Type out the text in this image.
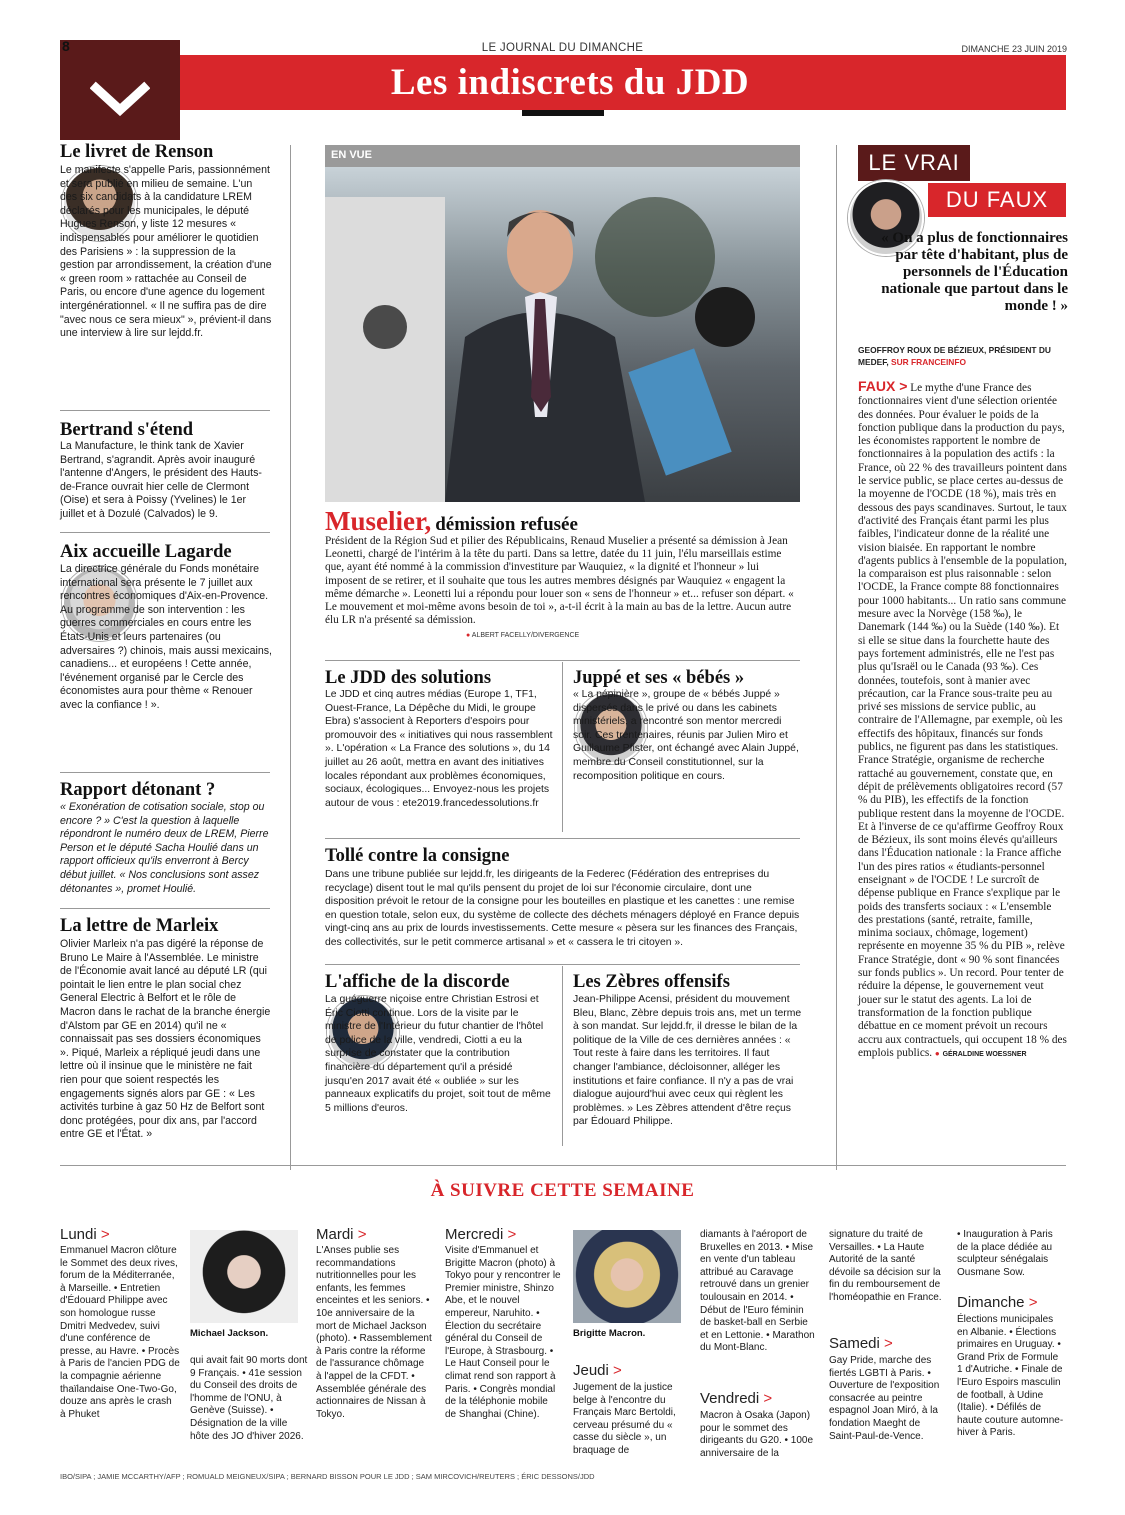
8	LE JOURNAL DU DIMANCHE	DIMANCHE 23 JUIN 2019
Les indiscrets du JDD
Le livret de Renson
Le manifeste s'appelle Paris, passionnément et sera publié en milieu de semaine. L'un des six candidats à la candidature LREM déclarés pour les municipales, le député Hugues Renson, y liste 12 mesures « indispensables pour améliorer le quotidien des Parisiens » : la suppression de la gestion par arrondissement, la création d'une « green room » rattachée au Conseil de Paris, ou encore d'une agence du logement intergénérationnel. « Il ne suffira pas de dire "avec nous ce sera mieux" », prévient-il dans une interview à lire sur lejdd.fr.
Bertrand s'étend
La Manufacture, le think tank de Xavier Bertrand, s'agrandit. Après avoir inauguré l'antenne d'Angers, le président des Hauts-de-France ouvrait hier celle de Clermont (Oise) et sera à Poissy (Yvelines) le 1er juillet et à Dozulé (Calvados) le 9.
Aix accueille Lagarde
La directrice générale du Fonds monétaire international sera présente le 7 juillet aux rencontres économiques d'Aix-en-Provence. Au programme de son intervention : les guerres commerciales en cours entre les États-Unis et leurs partenaires (ou adversaires ?) chinois, mais aussi mexicains, canadiens... et européens ! Cette année, l'événement organisé par le Cercle des économistes aura pour thème « Renouer avec la confiance ! ».
Rapport détonant ?
« Exonération de cotisation sociale, stop ou encore ? » C'est la question à laquelle répondront le numéro deux de LREM, Pierre Person et le député Sacha Houlié dans un rapport officieux qu'ils enverront à Bercy début juillet. « Nos conclusions sont assez détonantes », promet Houlié.
La lettre de Marleix
Olivier Marleix n'a pas digéré la réponse de Bruno Le Maire à l'Assemblée. Le ministre de l'Économie avait lancé au député LR (qui pointait le lien entre le plan social chez General Electric à Belfort et le rôle de Macron dans le rachat de la branche énergie d'Alstom par GE en 2014) qu'il ne « connaissait pas ses dossiers économiques ». Piqué, Marleix a répliqué jeudi dans une lettre où il insinue que le ministère ne fait rien pour que soient respectés les engagements signés alors par GE : « Les activités turbine à gaz 50 Hz de Belfort sont donc protégées, pour dix ans, par l'accord entre GE et l'État. »
EN VUE
Muselier, démission refusée
Président de la Région Sud et pilier des Républicains, Renaud Muselier a présenté sa démission à Jean Leonetti, chargé de l'intérim à la tête du parti. Dans sa lettre, datée du 11 juin, l'élu marseillais estime que, ayant été nommé à la commission d'investiture par Wauquiez, « la dignité et l'honneur » lui imposent de se retirer, et il souhaite que tous les autres membres désignés par Wauquiez « engagent la même démarche ». Leonetti lui a répondu pour louer son « sens de l'honneur » et... refuser son départ. « Le mouvement et moi-même avons besoin de toi », a-t-il écrit à la main au bas de la lettre. Aucun autre élu LR n'a présenté sa démission.
● ALBERT FACELLY/DIVERGENCE
Le JDD des solutions
Le JDD et cinq autres médias (Europe 1, TF1, Ouest-France, La Dépêche du Midi, le groupe Ebra) s'associent à Reporters d'espoirs pour promouvoir des « initiatives qui nous rassemblent ». L'opération « La France des solutions », du 14 juillet au 26 août, mettra en avant des initiatives locales répondant aux problèmes économiques, sociaux, écologiques... Envoyez-nous les projets autour de vous : ete2019.francedessolutions.fr
Juppé et ses « bébés »
« La pépinière », groupe de « bébés Juppé » dispersés dans le privé ou dans les cabinets ministériels, a rencontré son mentor mercredi soir. Ces trentenaires, réunis par Julien Miro et Guillaume Pfister, ont échangé avec Alain Juppé, membre du Conseil constitutionnel, sur la recomposition politique en cours.
Tollé contre la consigne
Dans une tribune publiée sur lejdd.fr, les dirigeants de la Federec (Fédération des entreprises du recyclage) disent tout le mal qu'ils pensent du projet de loi sur l'économie circulaire, dont une disposition prévoit le retour de la consigne pour les bouteilles en plastique et les canettes : une remise en question totale, selon eux, du système de collecte des déchets ménagers déployé en France depuis vingt-cinq ans au prix de lourds investissements. Cette mesure « pèsera sur les finances des Français, des collectivités, sur le petit commerce artisanal » et « cassera le tri citoyen ».
L'affiche de la discorde
La guéguerre niçoise entre Christian Estrosi et Éric Ciotti continue. Lors de la visite par le ministre de l'Intérieur du futur chantier de l'hôtel de police de la ville, vendredi, Ciotti a eu la surprise de constater que la contribution financière du département qu'il a présidé jusqu'en 2017 avait été « oubliée » sur les panneaux explicatifs du projet, soit tout de même 5 millions d'euros.
Les Zèbres offensifs
Jean-Philippe Acensi, président du mouvement Bleu, Blanc, Zèbre depuis trois ans, met un terme à son mandat. Sur lejdd.fr, il dresse le bilan de la politique de la Ville de ces dernières années : « Tout reste à faire dans les territoires. Il faut changer l'ambiance, décloisonner, alléger les institutions et faire confiance. Il n'y a pas de vrai dialogue aujourd'hui avec ceux qui règlent les problèmes. » Les Zèbres attendent d'être reçus par Édouard Philippe.
LE VRAI
DU FAUX
« On a plus de fonctionnaires par tête d'habitant, plus de personnels de l'Éducation nationale que partout dans le monde ! »
GEOFFROY ROUX DE BÉZIEUX, PRÉSIDENT DU MEDEF, SUR FRANCEINFO
FAUX > Le mythe d'une France des fonctionnaires vient d'une sélection orientée des données. Pour évaluer le poids de la fonction publique dans la production du pays, les économistes rapportent le nombre de fonctionnaires à la population des actifs : la France, où 22 % des travailleurs pointent dans le service public, se place certes au-dessus de la moyenne de l'OCDE (18 %), mais très en dessous des pays scandinaves. Surtout, le taux d'activité des Français étant parmi les plus faibles, l'indicateur donne de la réalité une vision biaisée. En rapportant le nombre d'agents publics à l'ensemble de la population, la comparaison est plus raisonnable : selon l'OCDE, la France compte 88 fonctionnaires pour 1000 habitants... Un ratio sans commune mesure avec la Norvège (158 ‰), le Danemark (144 ‰) ou la Suède (140 ‰). Et si elle se situe dans la fourchette haute des pays fortement administrés, elle ne l'est pas plus qu'Israël ou le Canada (93 ‰). Ces données, toutefois, sont à manier avec précaution, car la France sous-traite peu au privé ses missions de service public, au contraire de l'Allemagne, par exemple, où les effectifs des hôpitaux, financés sur fonds publics, ne figurent pas dans les statistiques. France Stratégie, organisme de recherche rattaché au gouvernement, constate que, en dépit de prélèvements obligatoires record (57 % du PIB), les effectifs de la fonction publique restent dans la moyenne de l'OCDE. Et à l'inverse de ce qu'affirme Geoffroy Roux de Bézieux, ils sont moins élevés qu'ailleurs dans l'Éducation nationale : la France affiche l'un des pires ratios « étudiants-personnel enseignant » de l'OCDE ! Le surcroît de dépense publique en France s'explique par le poids des transferts sociaux : « L'ensemble des prestations (santé, retraite, famille, minima sociaux, chômage, logement) représente en moyenne 35 % du PIB », relève France Stratégie, dont « 90 % sont financées sur fonds publics ». Un record. Pour tenter de réduire la dépense, le gouvernement veut jouer sur le statut des agents. La loi de transformation de la fonction publique débattue en ce moment prévoit un recours accru aux contractuels, qui occupent 18 % des emplois publics. ● GÉRALDINE WOESSNER
À SUIVRE CETTE SEMAINE
Lundi >
Emmanuel Macron clôture le Sommet des deux rives, forum de la Méditerranée, à Marseille. • Entretien d'Édouard Philippe avec son homologue russe Dmitri Medvedev, suivi d'une conférence de presse, au Havre. • Procès à Paris de l'ancien PDG de la compagnie aérienne thaïlandaise One-Two-Go, douze ans après le crash à Phuket
Michael Jackson.
qui avait fait 90 morts dont 9 Français. • 41e session du Conseil des droits de l'homme de l'ONU, à Genève (Suisse). • Désignation de la ville hôte des JO d'hiver 2026.
Mardi >
L'Anses publie ses recommandations nutritionnelles pour les enfants, les femmes enceintes et les seniors. • 10e anniversaire de la mort de Michael Jackson (photo). • Rassemblement à Paris contre la réforme de l'assurance chômage à l'appel de la CFDT. • Assemblée générale des actionnaires de Nissan à Tokyo.
Mercredi >
Visite d'Emmanuel et Brigitte Macron (photo) à Tokyo pour y rencontrer le Premier ministre, Shinzo Abe, et le nouvel empereur, Naruhito. • Élection du secrétaire général du Conseil de l'Europe, à Strasbourg. • Le Haut Conseil pour le climat rend son rapport à Paris. • Congrès mondial de la téléphonie mobile de Shanghai (Chine).
Brigitte Macron.
Jeudi >
Jugement de la justice belge à l'encontre du Français Marc Bertoldi, cerveau présumé du « casse du siècle », un braquage de
diamants à l'aéroport de Bruxelles en 2013. • Mise en vente d'un tableau attribué au Caravage retrouvé dans un grenier toulousain en 2014. • Début de l'Euro féminin de basket-ball en Serbie et en Lettonie. • Marathon du Mont-Blanc.
Vendredi >
Macron à Osaka (Japon) pour le sommet des dirigeants du G20. • 100e anniversaire de la
signature du traité de Versailles. • La Haute Autorité de la santé dévoile sa décision sur la fin du remboursement de l'homéopathie en France.
Samedi >
Gay Pride, marche des fiertés LGBTI à Paris. • Ouverture de l'exposition consacrée au peintre espagnol Joan Miró, à la fondation Maeght de Saint-Paul-de-Vence.
• Inauguration à Paris de la place dédiée au sculpteur sénégalais Ousmane Sow.
Dimanche >
Élections municipales en Albanie. • Élections primaires en Uruguay. • Grand Prix de Formule 1 d'Autriche. • Finale de l'Euro Espoirs masculin de football, à Udine (Italie). • Défilés de haute couture automne-hiver à Paris.
IBO/SIPA ; JAMIE MCCARTHY/AFP ; ROMUALD MEIGNEUX/SIPA ; BERNARD BISSON POUR LE JDD ; SAM MIRCOVICH/REUTERS ; ÉRIC DESSONS/JDD
